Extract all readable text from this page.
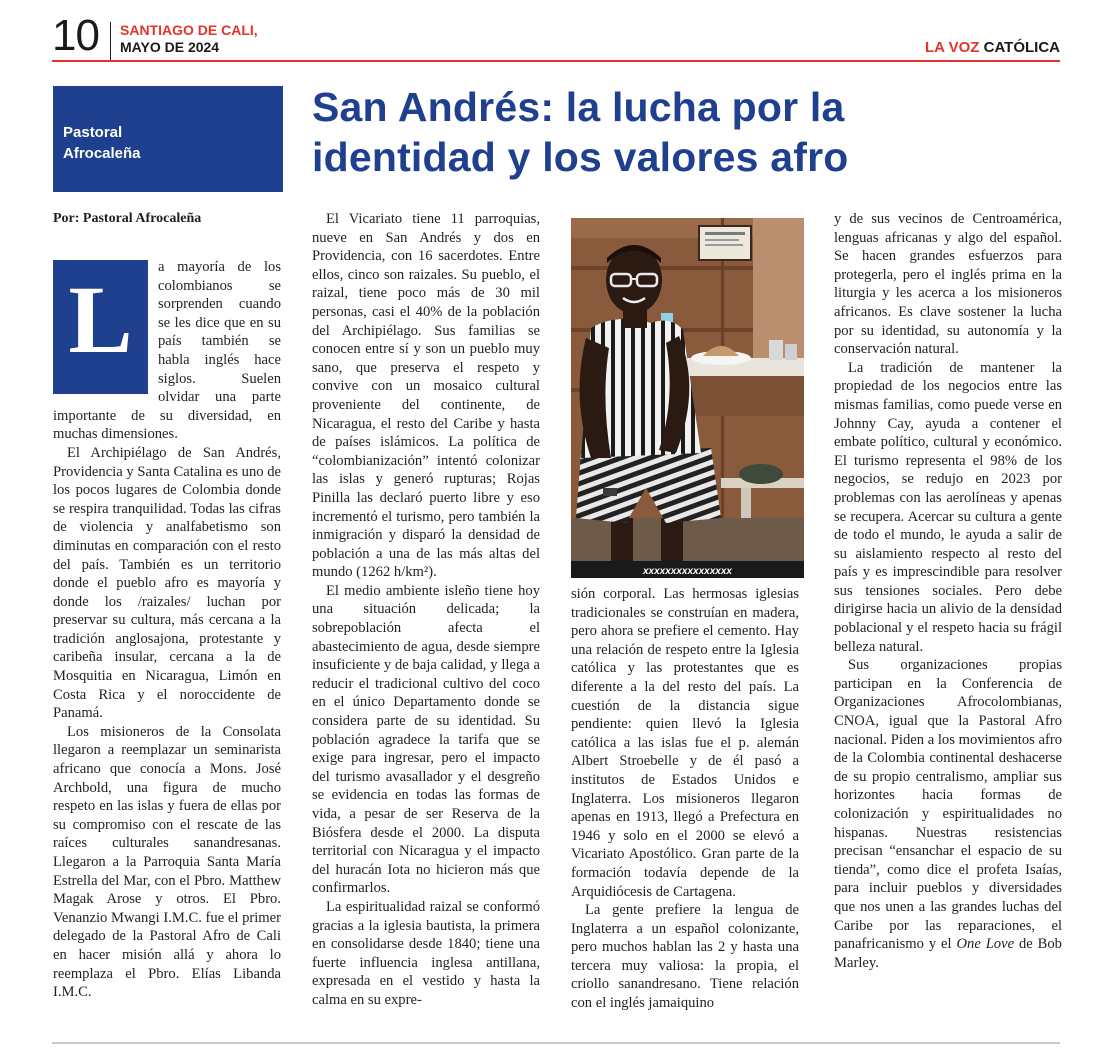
10 SANTIAGO DE CALI,
MAYO DE 2024	LA VOZ CATÓLICA
Pastoral
Afrocaleña
San Andrés: la lucha por la
identidad y los valores afro
Por: Pastoral Afrocaleña
L	a mayoría de los colombianos se sorprenden cuando se les dice que en su país también se habla inglés hace siglos. Suelen olvidar una parte importante de su diversidad, en muchas dimensiones.

El Archipiélago de San Andrés, Providencia y Santa Catalina es uno de los pocos lugares de Colombia donde se respira tranquilidad. Todas las cifras de violencia y analfabetismo son diminutas en comparación con el resto del país. También es un territorio donde el pueblo afro es mayoría y donde los /raizales/ luchan por preservar su cultura, más cercana a la tradición anglosajona, protestante y caribeña insular, cercana a la de Mosquitia en Nicaragua, Limón en Costa Rica y el noroccidente de Panamá.

Los misioneros de la Consolata llegaron a reemplazar un seminarista africano que conocía a Mons. José Archbold, una figura de mucho respeto en las islas y fuera de ellas por su compromiso con el rescate de las raíces culturales sanandresanas. Llegaron a la Parroquia Santa María Estrella del Mar, con el Pbro. Matthew Magak Arose y otros. El Pbro. Venanzio Mwangi I.M.C. fue el primer delegado de la Pastoral Afro de Cali en hacer misión allá y ahora lo reemplaza el Pbro. Elías Libanda I.M.C.

El Vicariato tiene 11 parroquias, nueve en San Andrés y dos en Providencia, con 16 sacerdotes. Entre ellos, cinco son raizales. Su pueblo, el raizal, tiene poco más de 30 mil personas, casi el 40% de la población del Archipiélago. Sus familias se conocen entre sí y son un pueblo muy sano, que preserva el respeto y convive con un mosaico cultural proveniente del continente, de Nicaragua, el resto del Caribe y hasta de países islámicos. La política de “colombianización” intentó colonizar las islas y generó rupturas; Rojas Pinilla las declaró puerto libre y eso incrementó el turismo, pero también la inmigración y disparó la densidad de población a una de las más altas del mundo (1262 h/km²).

El medio ambiente isleño tiene hoy una situación delicada; la sobrepoblación afecta el abastecimiento de agua, desde siempre insuficiente y de baja calidad, y llega a reducir el tradicional cultivo del coco en el único Departamento donde se considera parte de su identidad. Su población agradece la tarifa que se exige para ingresar, pero el impacto del turismo avasallador y el desgreño se evidencia en todas las formas de vida, a pesar de ser Reserva de la Biósfera desde el 2000. La disputa territorial con Nicaragua y el impacto del huracán Iota no hicieron más que confirmarlos.

La espiritualidad raizal se conformó gracias a la iglesia bautista, la primera en consolidarse desde 1840; tiene una fuerte influencia inglesa antillana, expresada en el vestido y hasta la calma en su expre-

xxxxxxxxxxxxxxxx

sión corporal. Las hermosas iglesias tradicionales se construían en madera, pero ahora se prefiere el cemento. Hay una relación de respeto entre la Iglesia católica y las protestantes que es diferente a la del resto del país. La cuestión de la distancia sigue pendiente: quien llevó la Iglesia católica a las islas fue el p. alemán Albert Stroebelle y de él pasó a institutos de Estados Unidos e Inglaterra. Los misioneros llegaron apenas en 1913, llegó a Prefectura en 1946 y solo en el 2000 se elevó a Vicariato Apostólico. Gran parte de la formación todavía depende de la Arquidiócesis de Cartagena.

La gente prefiere la lengua de Inglaterra a un español colonizante, pero muchos hablan las 2 y hasta una tercera muy valiosa: la propia, el criollo sanandresano. Tiene relación con el inglés jamaiquino

y de sus vecinos de Centroamérica, lenguas africanas y algo del español. Se hacen grandes esfuerzos para protegerla, pero el inglés prima en la liturgia y les acerca a los misioneros africanos. Es clave sostener la lucha por su identidad, su autonomía y la conservación natural.

La tradición de mantener la propiedad de los negocios entre las mismas familias, como puede verse en Johnny Cay, ayuda a contener el embate político, cultural y económico. El turismo representa el 98% de los negocios, se redujo en 2023 por problemas con las aerolíneas y apenas se recupera. Acercar su cultura a gente de todo el mundo, le ayuda a salir de su aislamiento respecto al resto del país y es imprescindible para resolver sus tensiones sociales. Pero debe dirigirse hacia un alivio de la densidad poblacional y el respeto hacia su frágil belleza natural.

Sus organizaciones propias participan en la Conferencia de Organizaciones Afrocolombianas, CNOA, igual que la Pastoral Afro nacional. Piden a los movimientos afro de la Colombia continental deshacerse de su propio centralismo, ampliar sus horizontes hacia formas de colonización y espiritualidades no hispanas. Nuestras resistencias precisan “ensanchar el espacio de su tienda”, como dice el profeta Isaías, para incluir pueblos y diversidades que nos unen a las grandes luchas del Caribe por las reparaciones, el panafricanismo y el One Love de Bob Marley.
